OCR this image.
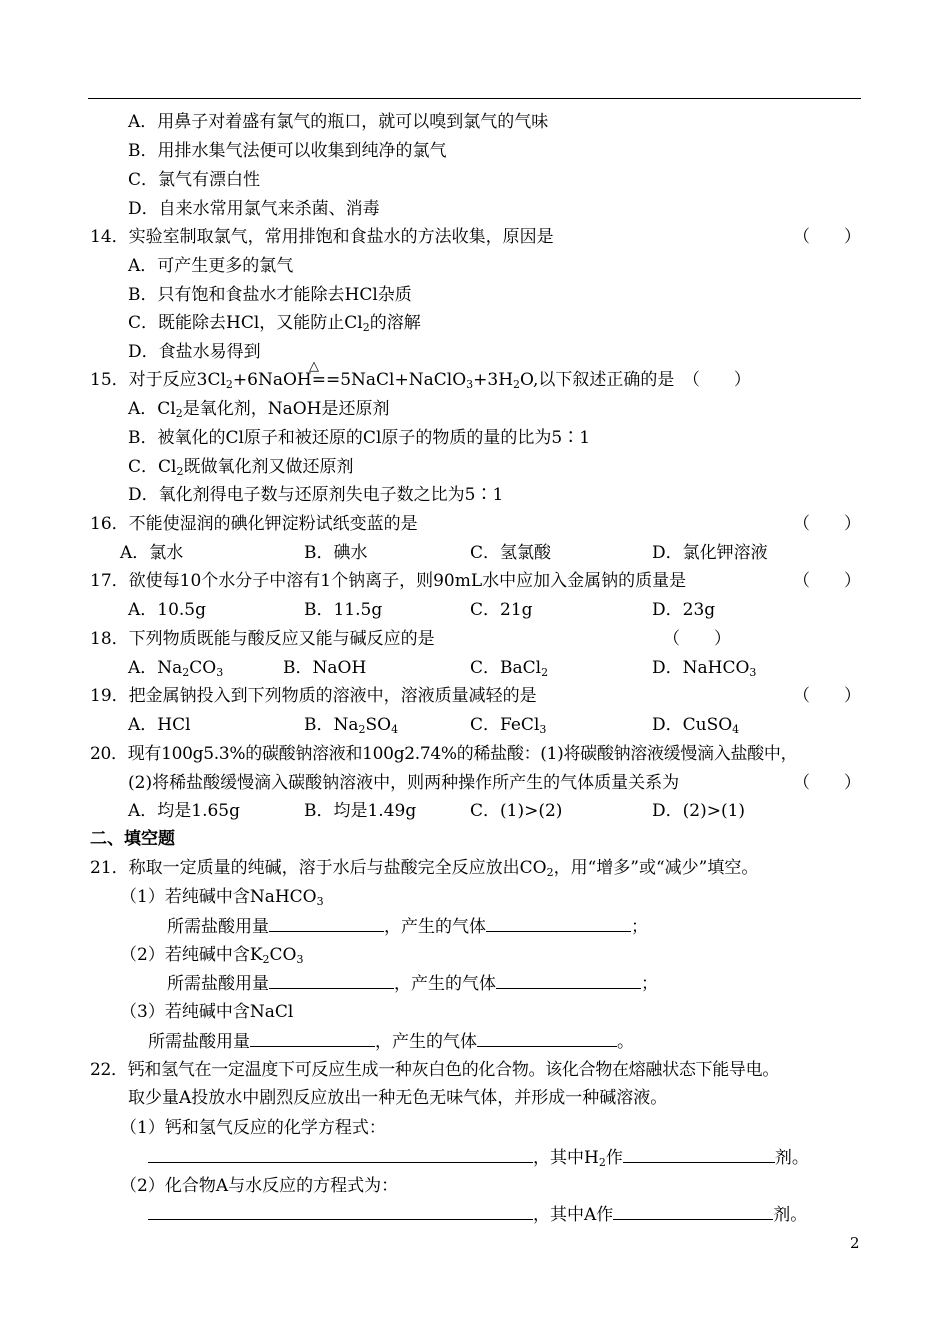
A．用鼻子对着盛有氯气的瓶口，就可以嗅到氯气的气味
B．用排水集气法便可以收集到纯净的氯气
C．氯气有漂白性
D．自来水常用氯气来杀菌、消毒
14．实验室制取氯气，常用排饱和食盐水的方法收集，原因是	（　　）
A．可产生更多的氯气
B．只有饱和食盐水才能除去HCl杂质
C．既能除去HCl，又能防止$Cl_2$的溶解
D．食盐水易得到
△
15．对于反应$3Cl_2+6NaOH==5NaCl+NaClO_3+3H_2O$,以下叙述正确的是　（　　）
A．$Cl_2$是氧化剂，NaOH是还原剂
B．被氧化的Cl原子和被还原的Cl原子的物质的量的比为5∶1
C．$Cl_2$既做氧化剂又做还原剂
D．氧化剂得电子数与还原剂失电子数之比为5∶1
16．不能使湿润的碘化钾淀粉试纸变蓝的是	（　　）
A．氯水	B．碘水	C．氢氯酸	D．氯化钾溶液
17．欲使每10个水分子中溶有1个钠离子，则90mL水中应加入金属钠的质量是	（　　）
A．10.5g	B．11.5g	C．21g	D．23g
18．下列物质既能与酸反应又能与碱反应的是	（　　）
A．$Na_2CO_3$	B．NaOH	C．BaCl$_2$	D．NaHCO$_3$
19．把金属钠投入到下列物质的溶液中，溶液质量减轻的是	（　　）
A．HCl	B．$Na_2SO_4$	C．FeCl$_3$	D．CuSO$_4$
20．现有100g5.3%的碳酸钠溶液和100g2.74%的稀盐酸：(1)将碳酸钠溶液缓慢滴入盐酸中，
(2)将稀盐酸缓慢滴入碳酸钠溶液中，则两种操作所产生的气体质量关系为	（　　）
A．均是1.65g	B．均是1.49g	C．(1)>(2)	D．(2)>(1)
二、填空题
21．称取一定质量的纯碱，溶于水后与盐酸完全反应放出$CO_2$，用“增多”或“减少”填空。
（1）若纯碱中含NaHCO$_3$
所需盐酸用量	，产生的气体	；
（2）若纯碱中含$K_2CO_3$
所需盐酸用量	，产生的气体	；
（3）若纯碱中含NaCl
所需盐酸用量	，产生的气体	。
22．钙和氢气在一定温度下可反应生成一种灰白色的化合物。该化合物在熔融状态下能导电。
取少量A投放水中剧烈反应放出一种无色无味气体，并形成一种碱溶液。
（1）钙和氢气反应的化学方程式：
，其中$H_2$作	剂。
（2）化合物A与水反应的方程式为：
，其中A作	剂。
2
